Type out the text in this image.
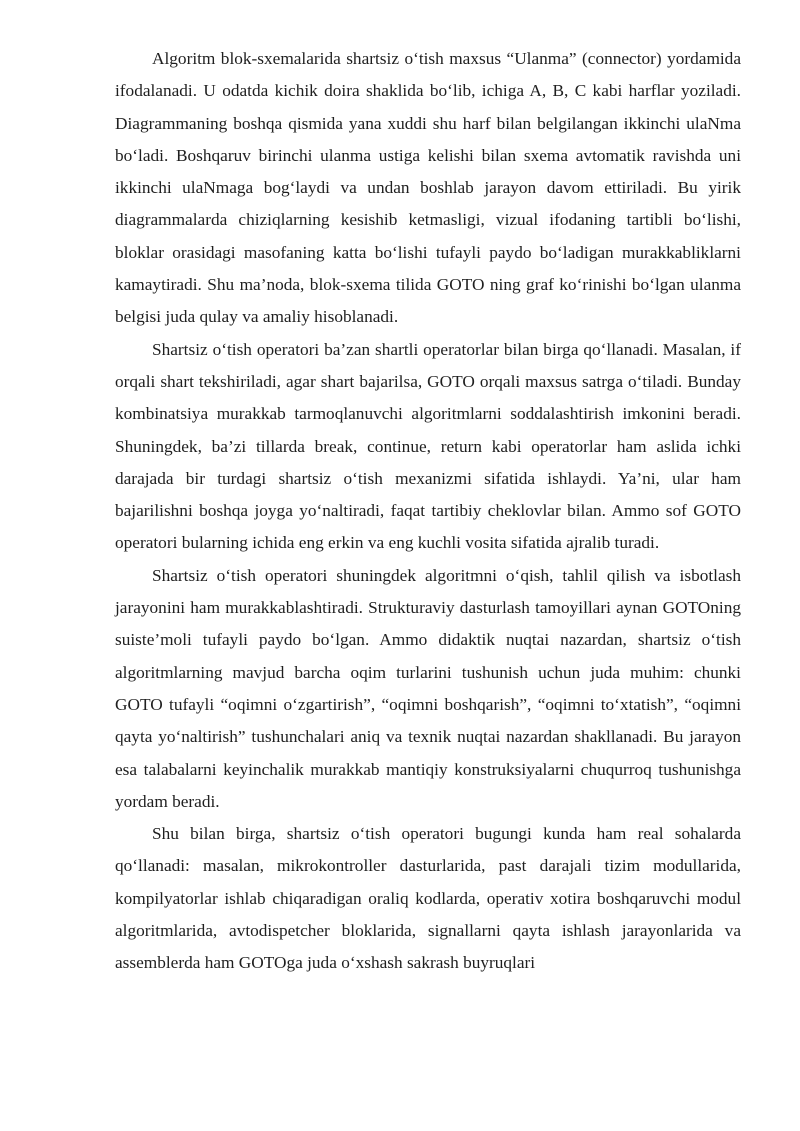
Algoritm blok-sxemalarida shartsiz o‘tish maxsus “Ulanma” (connector) yordamida ifodalanadi. U odatda kichik doira shaklida bo‘lib, ichiga A, B, C kabi harflar yoziladi. Diagrammaning boshqa qismida yana xuddi shu harf bilan belgilangan ikkinchi ulaNma bo‘ladi. Boshqaruv birinchi ulanma ustiga kelishi bilan sxema avtomatik ravishda uni ikkinchi ulaNmaga bog‘laydi va undan boshlab jarayon davom ettiriladi. Bu yirik diagrammalarda chiziqlarning kesishib ketmasligi, vizual ifodaning tartibli bo‘lishi, bloklar orasidagi masofaning katta bo‘lishi tufayli paydo bo‘ladigan murakkabliklarni kamaytiradi. Shu ma’noda, blok-sxema tilida GOTO ning graf ko‘rinishi bo‘lgan ulanma belgisi juda qulay va amaliy hisoblanadi.

Shartsiz o‘tish operatori ba’zan shartli operatorlar bilan birga qo‘llanadi. Masalan, if orqali shart tekshiriladi, agar shart bajarilsa, GOTO orqali maxsus satrga o‘tiladi. Bunday kombinatsiya murakkab tarmoqlanuvchi algoritmlarni soddalashtirish imkonini beradi. Shuningdek, ba’zi tillarda break, continue, return kabi operatorlar ham aslida ichki darajada bir turdagi shartsiz o‘tish mexanizmi sifatida ishlaydi. Ya’ni, ular ham bajarilishni boshqa joyga yo‘naltiradi, faqat tartibiy cheklovlar bilan. Ammo sof GOTO operatori bularning ichida eng erkin va eng kuchli vosita sifatida ajralib turadi.

Shartsiz o‘tish operatori shuningdek algoritmni o‘qish, tahlil qilish va isbotlash jarayonini ham murakkablashtiradi. Strukturaviy dasturlash tamoyillari aynan GOTOning suiste’moli tufayli paydo bo‘lgan. Ammo didaktik nuqtai nazardan, shartsiz o‘tish algoritmlarning mavjud barcha oqim turlarini tushunish uchun juda muhim: chunki GOTO tufayli “oqimni o‘zgartirish”, “oqimni boshqarish”, “oqimni to‘xtatish”, “oqimni qayta yo‘naltirish” tushunchalari aniq va texnik nuqtai nazardan shakllanadi. Bu jarayon esa talabalarni keyinchalik murakkab mantiqiy konstruksiyalarni chuqurroq tushunishga yordam beradi.

Shu bilan birga, shartsiz o‘tish operatori bugungi kunda ham real sohalarda qo‘llanadi: masalan, mikrokontroller dasturlarida, past darajali tizim modullarida, kompilyatorlar ishlab chiqaradigan oraliq kodlarda, operativ xotira boshqaruvchi modul algoritmlarida, avtodispetcher bloklarida, signallarni qayta ishlash jarayonlarida va assemblerda ham GOTOga juda o‘xshash sakrash buyruqlari
